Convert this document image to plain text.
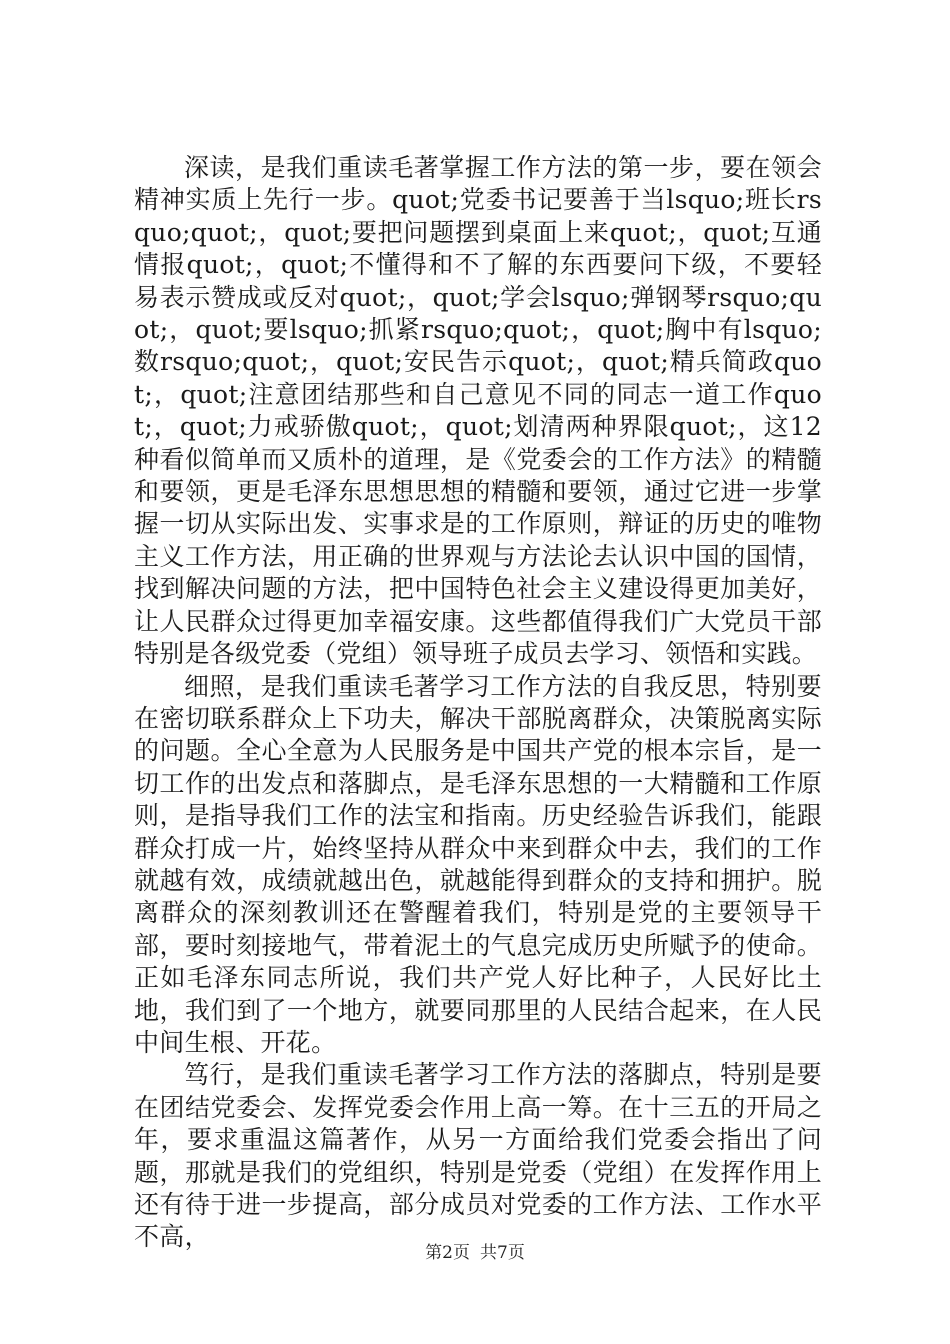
深读，是我们重读毛著掌握工作方法的第一步，要在领会精神实质上先行一步。quot;党委书记要善于当lsquo;班长rsquo;quot;，quot;要把问题摆到桌面上来quot;，quot;互通情报quot;，quot;不懂得和不了解的东西要问下级，不要轻易表示赞成或反对quot;，quot;学会lsquo;弹钢琴rsquo;quot;，quot;要lsquo;抓紧rsquo;quot;，quot;胸中有lsquo;数rsquo;quot;，quot;安民告示quot;，quot;精兵简政quot;，quot;注意团结那些和自己意见不同的同志一道工作quot;，quot;力戒骄傲quot;，quot;划清两种界限quot;，这12种看似简单而又质朴的道理，是《党委会的工作方法》的精髓和要领，更是毛泽东思想思想的精髓和要领，通过它进一步掌握一切从实际出发、实事求是的工作原则，辩证的历史的唯物主义工作方法，用正确的世界观与方法论去认识中国的国情，找到解决问题的方法，把中国特色社会主义建设得更加美好，让人民群众过得更加幸福安康。这些都值得我们广大党员干部特别是各级党委（党组）领导班子成员去学习、领悟和实践。

细照，是我们重读毛著学习工作方法的自我反思，特别要在密切联系群众上下功夫，解决干部脱离群众，决策脱离实际的问题。全心全意为人民服务是中国共产党的根本宗旨，是一切工作的出发点和落脚点，是毛泽东思想的一大精髓和工作原则，是指导我们工作的法宝和指南。历史经验告诉我们，能跟群众打成一片，始终坚持从群众中来到群众中去，我们的工作就越有效，成绩就越出色，就越能得到群众的支持和拥护。脱离群众的深刻教训还在警醒着我们，特别是党的主要领导干部，要时刻接地气，带着泥土的气息完成历史所赋予的使命。正如毛泽东同志所说，我们共产党人好比种子，人民好比土地，我们到了一个地方，就要同那里的人民结合起来，在人民中间生根、开花。

笃行，是我们重读毛著学习工作方法的落脚点，特别是要在团结党委会、发挥党委会作用上高一筹。在十三五的开局之年，要求重温这篇著作，从另一方面给我们党委会指出了问题，那就是我们的党组织，特别是党委（党组）在发挥作用上还有待于进一步提高，部分成员对党委的工作方法、工作水平不高，

第2页 共7页
